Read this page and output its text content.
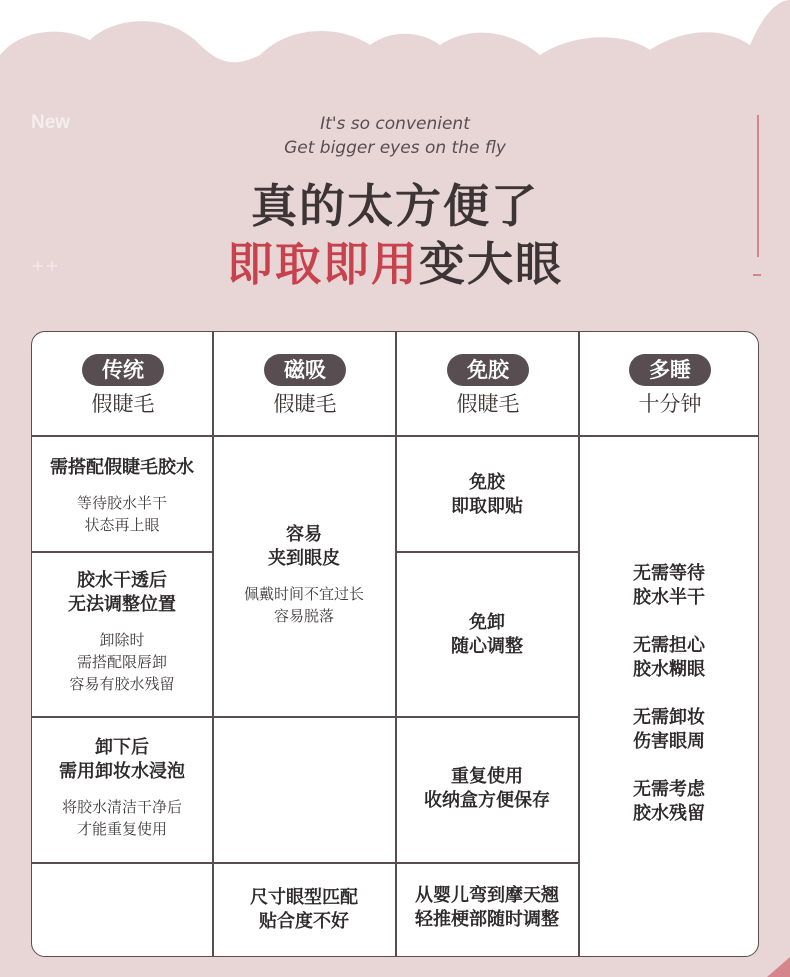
New
++
It's so convenient
Get bigger eyes on the fly
真的太方便了
即取即用变大眼
传统
假睫毛
磁吸
假睫毛
免胶
假睫毛
多睡
十分钟
需搭配假睫毛胶水
等待胶水半干
状态再上眼
胶水干透后
无法调整位置
卸除时
需搭配限唇卸
容易有胶水残留
卸下后
需用卸妆水浸泡
将胶水清洁干净后
才能重复使用
容易
夹到眼皮
佩戴时间不宜过长
容易脱落
尺寸眼型匹配
贴合度不好
免胶
即取即贴
免卸
随心调整
重复使用
收纳盒方便保存
从婴儿弯到摩天翘
轻推梗部随时调整
无需等待
胶水半干
无需担心
胶水糊眼
无需卸妆
伤害眼周
无需考虑
胶水残留
